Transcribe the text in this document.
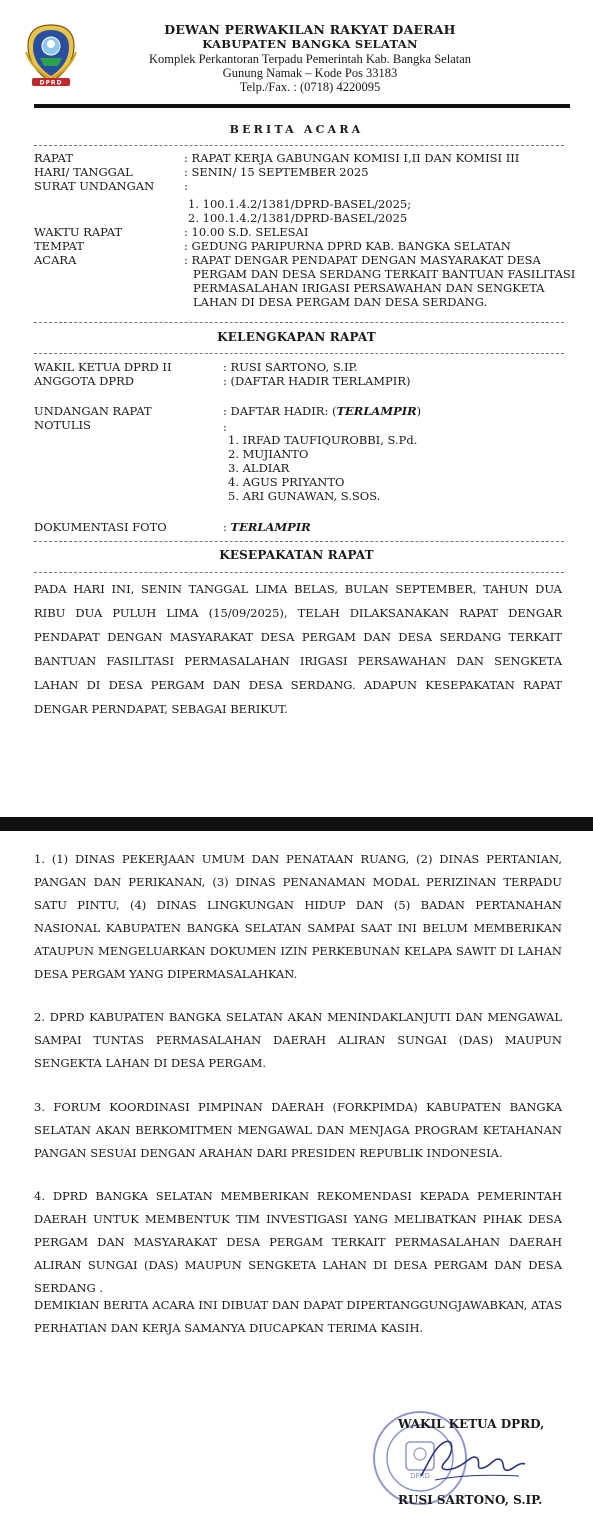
DPRD
DEWAN PERWAKILAN RAKYAT DAERAH
KABUPATEN BANGKA SELATAN
Komplek Perkantoran Terpadu Pemerintah Kab. Bangka Selatan
Gunung Namak – Kode Pos 33183
Telp./Fax. : (0718) 4220095
BERITA ACARA
RAPAT	: RAPAT KERJA GABUNGAN KOMISI I,II DAN KOMISI III
HARI/ TANGGAL	: SENIN/ 15 SEPTEMBER 2025
SURAT UNDANGAN	:
1. 100.1.4.2/1381/DPRD-BASEL/2025;
2. 100.1.4.2/1381/DPRD-BASEL/2025
WAKTU RAPAT	: 10.00 S.D. SELESAI
TEMPAT	: GEDUNG PARIPURNA DPRD KAB. BANGKA SELATAN
ACARA	: RAPAT DENGAR PENDAPAT DENGAN MASYARAKAT DESA
PERGAM DAN DESA SERDANG TERKAIT BANTUAN FASILITASI
PERMASALAHAN IRIGASI PERSAWAHAN DAN SENGKETA
LAHAN DI DESA PERGAM DAN DESA SERDANG.
KELENGKAPAN RAPAT
WAKIL KETUA DPRD II	: RUSI SARTONO, S.IP.
ANGGOTA DPRD	: (DAFTAR HADIR TERLAMPIR)
UNDANGAN RAPAT	: DAFTAR HADIR: (TERLAMPIR)
NOTULIS	:
1. IRFAD TAUFIQUROBBI, S.Pd.
2. MUJIANTO
3. ALDIAR
4. AGUS PRIYANTO
5. ARI GUNAWAN, S.SOS.
DOKUMENTASI FOTO	: TERLAMPIR
KESEPAKATAN RAPAT
PADA HARI INI, SENIN TANGGAL LIMA BELAS, BULAN SEPTEMBER, TAHUN DUA RIBU DUA PULUH LIMA (15/09/2025), TELAH DILAKSANAKAN RAPAT DENGAR PENDAPAT DENGAN MASYARAKAT DESA PERGAM DAN DESA SERDANG TERKAIT BANTUAN FASILITASI PERMASALAHAN IRIGASI PERSAWAHAN DAN SENGKETA LAHAN DI DESA PERGAM DAN DESA SERDANG. ADAPUN KESEPAKATAN RAPAT DENGAR PERNDAPAT, SEBAGAI BERIKUT.
1. (1) DINAS PEKERJAAN UMUM DAN PENATAAN RUANG, (2) DINAS PERTANIAN, PANGAN DAN PERIKANAN, (3) DINAS PENANAMAN MODAL PERIZINAN TERPADU SATU PINTU, (4) DINAS LINGKUNGAN HIDUP DAN (5) BADAN PERTANAHAN NASIONAL KABUPATEN BANGKA SELATAN SAMPAI SAAT INI BELUM MEMBERIKAN ATAUPUN MENGELUARKAN DOKUMEN IZIN PERKEBUNAN KELAPA SAWIT DI LAHAN DESA PERGAM YANG DIPERMASALAHKAN.
2. DPRD KABUPATEN BANGKA SELATAN AKAN MENINDAKLANJUTI DAN MENGAWAL SAMPAI TUNTAS PERMASALAHAN DAERAH ALIRAN SUNGAI (DAS) MAUPUN SENGEKTA LAHAN DI DESA PERGAM.
3. FORUM KOORDINASI PIMPINAN DAERAH (FORKPIMDA) KABUPATEN BANGKA SELATAN AKAN BERKOMITMEN MENGAWAL DAN MENJAGA PROGRAM KETAHANAN PANGAN SESUAI DENGAN ARAHAN DARI PRESIDEN REPUBLIK INDONESIA.
4. DPRD BANGKA SELATAN MEMBERIKAN REKOMENDASI KEPADA PEMERINTAH DAERAH UNTUK MEMBENTUK TIM INVESTIGASI YANG MELIBATKAN PIHAK DESA PERGAM DAN MASYARAKAT DESA PERGAM TERKAIT PERMASALAHAN DAERAH ALIRAN SUNGAI (DAS) MAUPUN SENGKETA LAHAN DI DESA PERGAM DAN DESA SERDANG .
DEMIKIAN BERITA ACARA INI DIBUAT DAN DAPAT DIPERTANGGUNGJAWABKAN, ATAS PERHATIAN DAN KERJA SAMANYA DIUCAPKAN TERIMA KASIH.
DPRD
WAKIL KETUA DPRD,
RUSI SARTONO, S.IP.
